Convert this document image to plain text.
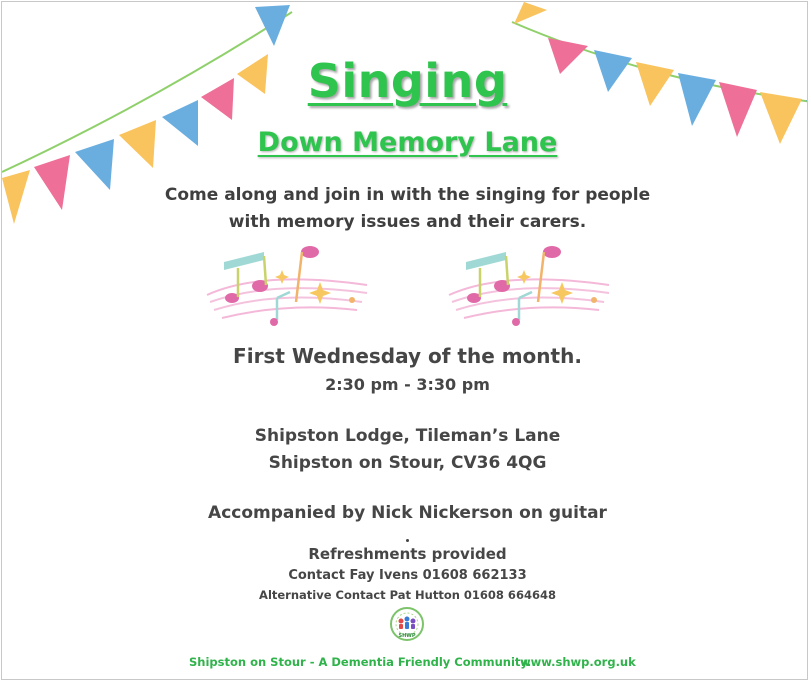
Singing
Down Memory Lane
Come along and join in with the singing for people
with memory issues and their carers.
First Wednesday of the month.
2:30 pm - 3:30 pm
Shipston Lodge, Tileman’s Lane
Shipston on Stour, CV36 4QG
Accompanied by Nick Nickerson on guitar
Refreshments provided
Contact Fay Ivens 01608 662133
Alternative Contact Pat Hutton 01608 664648
SHWP
Shipston on Stour - A Dementia Friendly Community.
www.shwp.org.uk
